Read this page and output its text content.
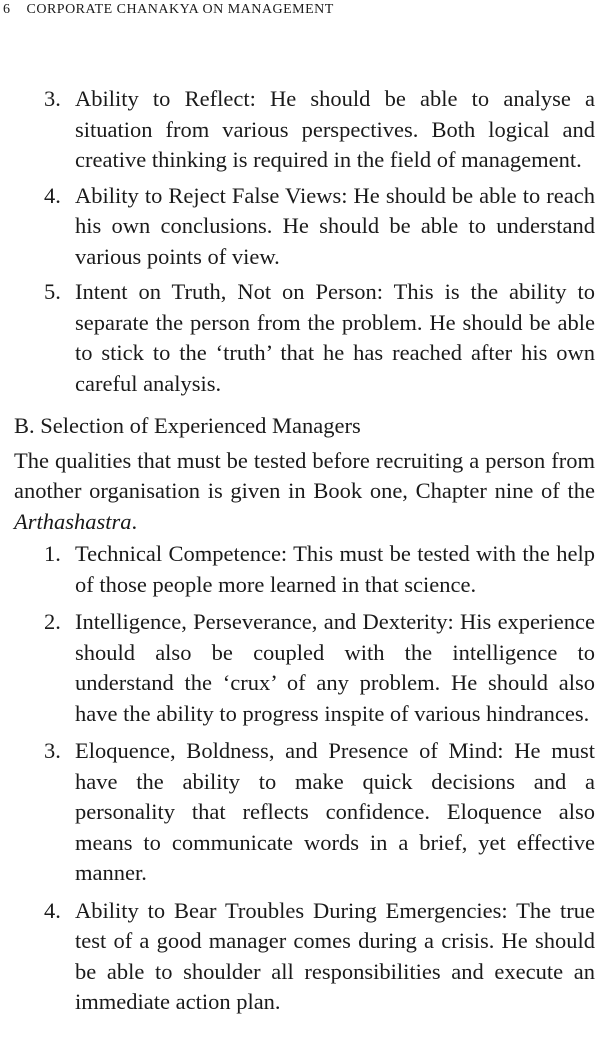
6 CORPORATE CHANAKYA ON MANAGEMENT

3. Ability to Reflect: He should be able to analyse a situation from various perspectives. Both logical and creative thinking is required in the field of management.

4. Ability to Reject False Views: He should be able to reach his own conclusions. He should be able to understand various points of view.

5. Intent on Truth, Not on Person: This is the ability to separate the person from the problem. He should be able to stick to the ‘truth’ that he has reached after his own careful analysis.

B. Selection of Experienced Managers

The qualities that must be tested before recruiting a person from another organisation is given in Book one, Chapter nine of the Arthashastra.

1. Technical Competence: This must be tested with the help of those people more learned in that science.

2. Intelligence, Perseverance, and Dexterity: His experience should also be coupled with the intelligence to understand the ‘crux’ of any problem. He should also have the ability to progress inspite of various hindrances.

3. Eloquence, Boldness, and Presence of Mind: He must have the ability to make quick decisions and a personality that reflects confidence. Eloquence also means to communicate words in a brief, yet effective manner.

4. Ability to Bear Troubles During Emergencies: The true test of a good manager comes during a crisis. He should be able to shoulder all responsibilities and execute an immediate action plan.
